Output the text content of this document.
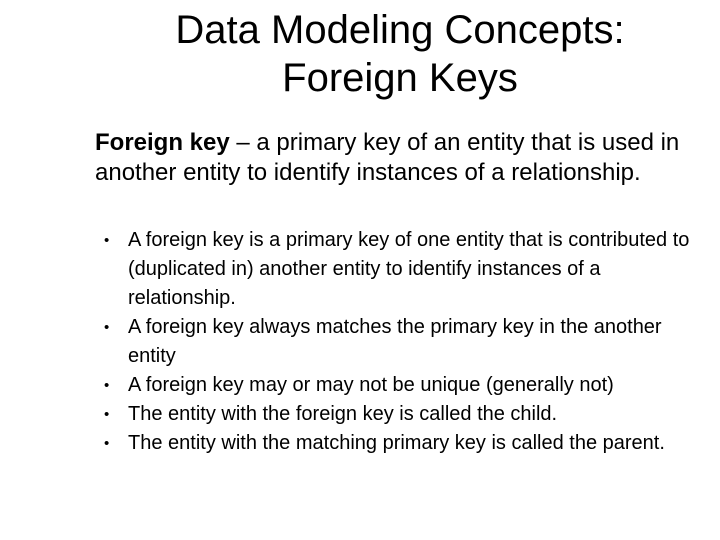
Data Modeling Concepts:
Foreign Keys
Foreign key – a primary key of an entity that is used in another entity to identify instances of a relationship.
• A foreign key is a primary key of one entity that is contributed to (duplicated in) another entity to identify instances of a relationship.
• A foreign key always matches the primary key in the another entity
• A foreign key may or may not be unique (generally not)
• The entity with the foreign key is called the child.
• The entity with the matching primary key is called the parent.
